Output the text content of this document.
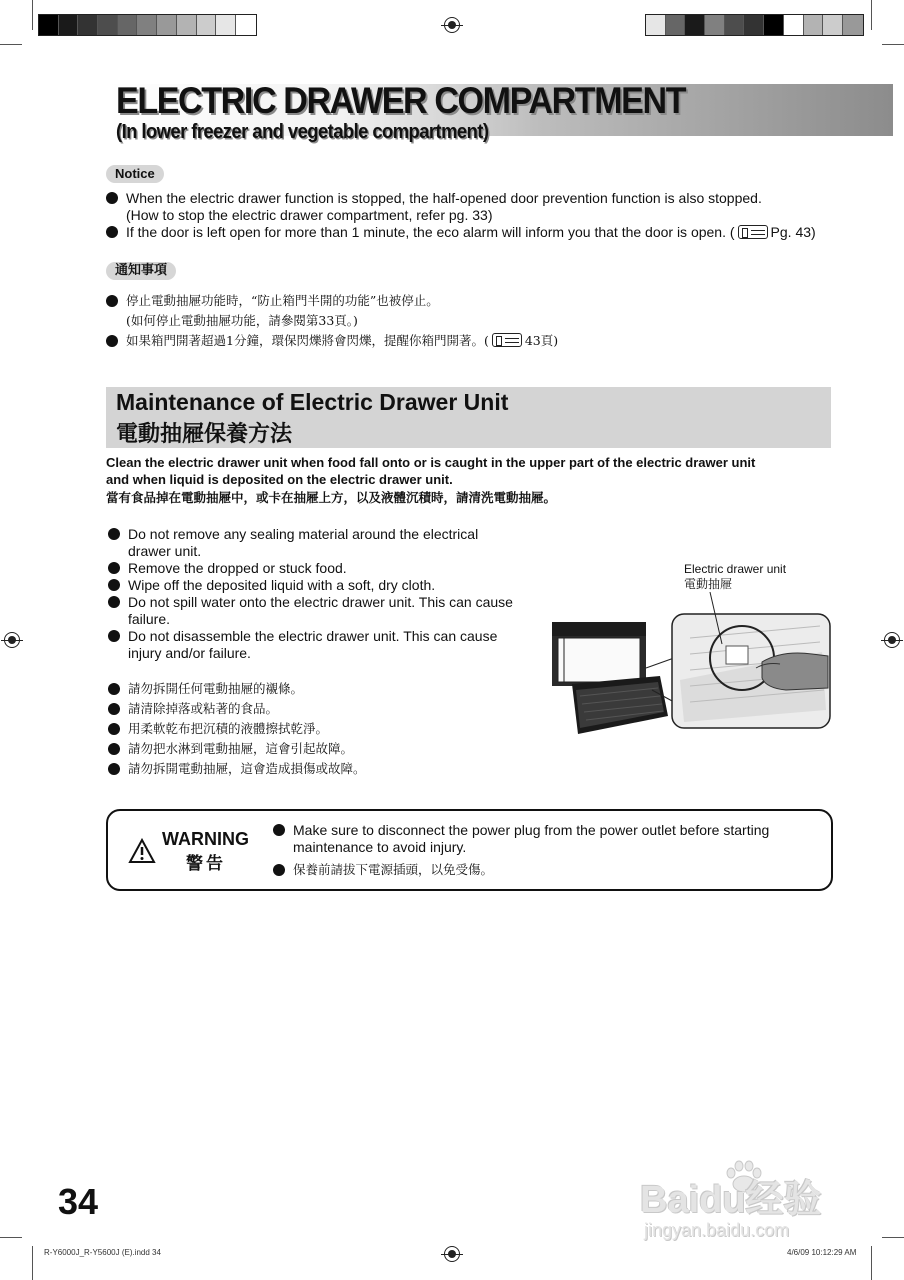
ELECTRIC DRAWER COMPARTMENT
(In lower freezer and vegetable compartment)
Notice
When the electric drawer function is stopped, the half-opened door prevention function is also stopped.
(How to stop the electric drawer compartment, refer pg. 33)
If the door is left open for more than 1 minute, the eco alarm will inform you that the door is open. (	Pg. 43)
通知事項
停止電動抽屜功能時，“防止箱門半開的功能”也被停止。
(如何停止電動抽屜功能，請參閱第33頁。)
如果箱門開著超過1分鐘，環保閃爍將會閃爍，提醒你箱門開著。(	43頁)
Maintenance of Electric Drawer Unit
電動抽屜保養方法
Clean the electric drawer unit when food fall onto or is caught in the upper part of the electric drawer unit
and when liquid is deposited on the electric drawer unit.
當有食品掉在電動抽屜中，或卡在抽屜上方，以及液體沉積時，請清洗電動抽屜。
Do not remove any sealing material around the electrical
drawer unit.
Remove the dropped or stuck food.
Wipe off the deposited liquid with a soft, dry cloth.
Do not spill water onto the electric drawer unit. This can cause
failure.
Do not disassemble the electric drawer unit. This can cause
injury and/or failure.
請勿拆開任何電動抽屜的襯條。
請清除掉落或粘著的食品。
用柔軟乾布把沉積的液體擦拭乾淨。
請勿把水淋到電動抽屜，這會引起故障。
請勿拆開電動抽屜，這會造成損傷或故障。
Electric drawer unit
電動抽屜
WARNING
警告
Make sure to disconnect the power plug from the power outlet before starting
maintenance to avoid injury.
保養前請拔下電源插頭，以免受傷。
34	Baidu经验
jingyan.baidu.com
R-Y6000J_R-Y5600J (E).indd 34	4/6/09 10:12:29 AM
